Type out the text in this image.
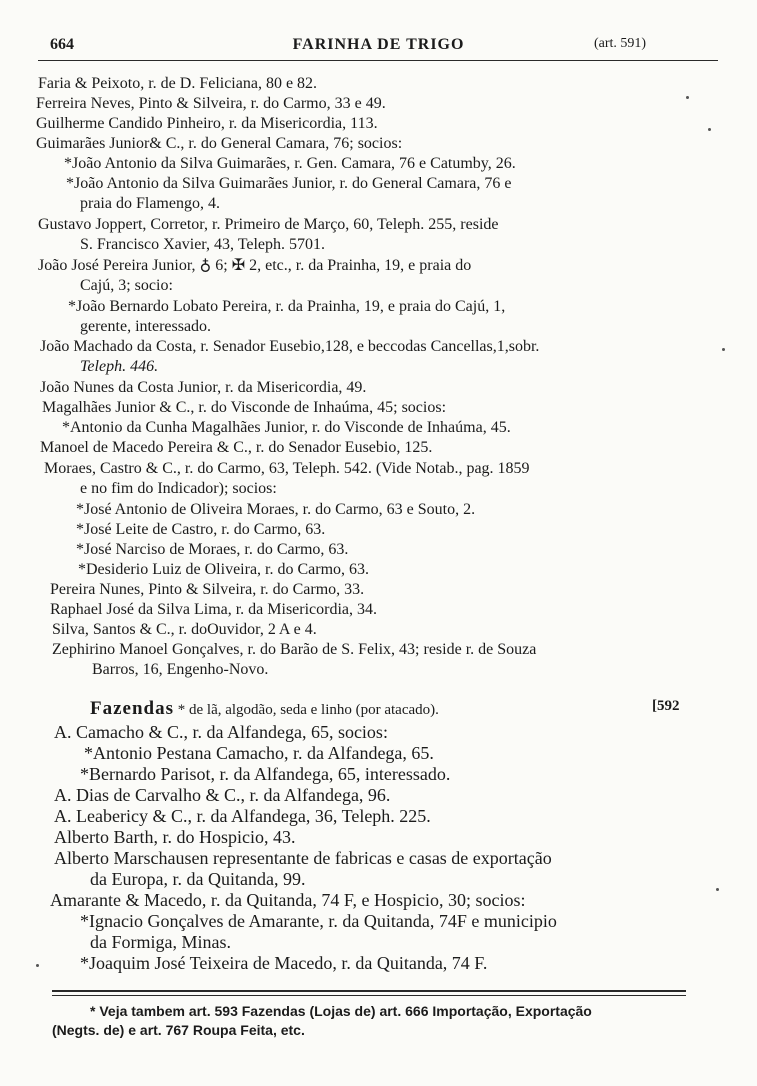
664	FARINHA DE TRIGO	(art. 591)
Faria & Peixoto, r. de D. Feliciana, 80 e 82.
Ferreira Neves, Pinto & Silveira, r. do Carmo, 33 e 49.
Guilherme Candido Pinheiro, r. da Misericordia, 113.
Guimarães Junior& C., r. do General Camara, 76; socios:
*João Antonio da Silva Guimarães, r. Gen. Camara, 76 e Catumby, 26.
*João Antonio da Silva Guimarães Junior, r. do General Camara, 76 e
praia do Flamengo, 4.
Gustavo Joppert, Corretor, r. Primeiro de Março, 60, Teleph. 255, reside
S. Francisco Xavier, 43, Teleph. 5701.
João José Pereira Junior, ♁ 6; ✠ 2, etc., r. da Prainha, 19, e praia do
Cajú, 3; socio:
*João Bernardo Lobato Pereira, r. da Prainha, 19, e praia do Cajú, 1,
gerente, interessado.
João Machado da Costa, r. Senador Eusebio,128, e beccodas Cancellas,1,sobr.
Teleph. 446.
João Nunes da Costa Junior, r. da Misericordia, 49.
Magalhães Junior & C., r. do Visconde de Inhaúma, 45; socios:
*Antonio da Cunha Magalhães Junior, r. do Visconde de Inhaúma, 45.
Manoel de Macedo Pereira & C., r. do Senador Eusebio, 125.
Moraes, Castro & C., r. do Carmo, 63, Teleph. 542. (Vide Notab., pag. 1859
e no fim do Indicador); socios:
*José Antonio de Oliveira Moraes, r. do Carmo, 63 e Souto, 2.
*José Leite de Castro, r. do Carmo, 63.
*José Narciso de Moraes, r. do Carmo, 63.
*Desiderio Luiz de Oliveira, r. do Carmo, 63.
Pereira Nunes, Pinto & Silveira, r. do Carmo, 33.
Raphael José da Silva Lima, r. da Misericordia, 34.
Silva, Santos & C., r. doOuvidor, 2 A e 4.
Zephirino Manoel Gonçalves, r. do Barão de S. Felix, 43; reside r. de Souza
Barros, 16, Engenho-Novo.
Fazendas * de lã, algodão, seda e linho (por atacado).	[592
A. Camacho & C., r. da Alfandega, 65, socios:
*Antonio Pestana Camacho, r. da Alfandega, 65.
*Bernardo Parisot, r. da Alfandega, 65, interessado.
A. Dias de Carvalho & C., r. da Alfandega, 96.
A. Leabericy & C., r. da Alfandega, 36, Teleph. 225.
Alberto Barth, r. do Hospicio, 43.
Alberto Marschausen representante de fabricas e casas de exportação
da Europa, r. da Quitanda, 99.
Amarante & Macedo, r. da Quitanda, 74 F, e Hospicio, 30; socios:
*Ignacio Gonçalves de Amarante, r. da Quitanda, 74F e municipio
da Formiga, Minas.
*Joaquim José Teixeira de Macedo, r. da Quitanda, 74 F.
* Veja tambem art. 593 Fazendas (Lojas de) art. 666 Importação, Exportação
(Negts. de) e art. 767 Roupa Feita, etc.
